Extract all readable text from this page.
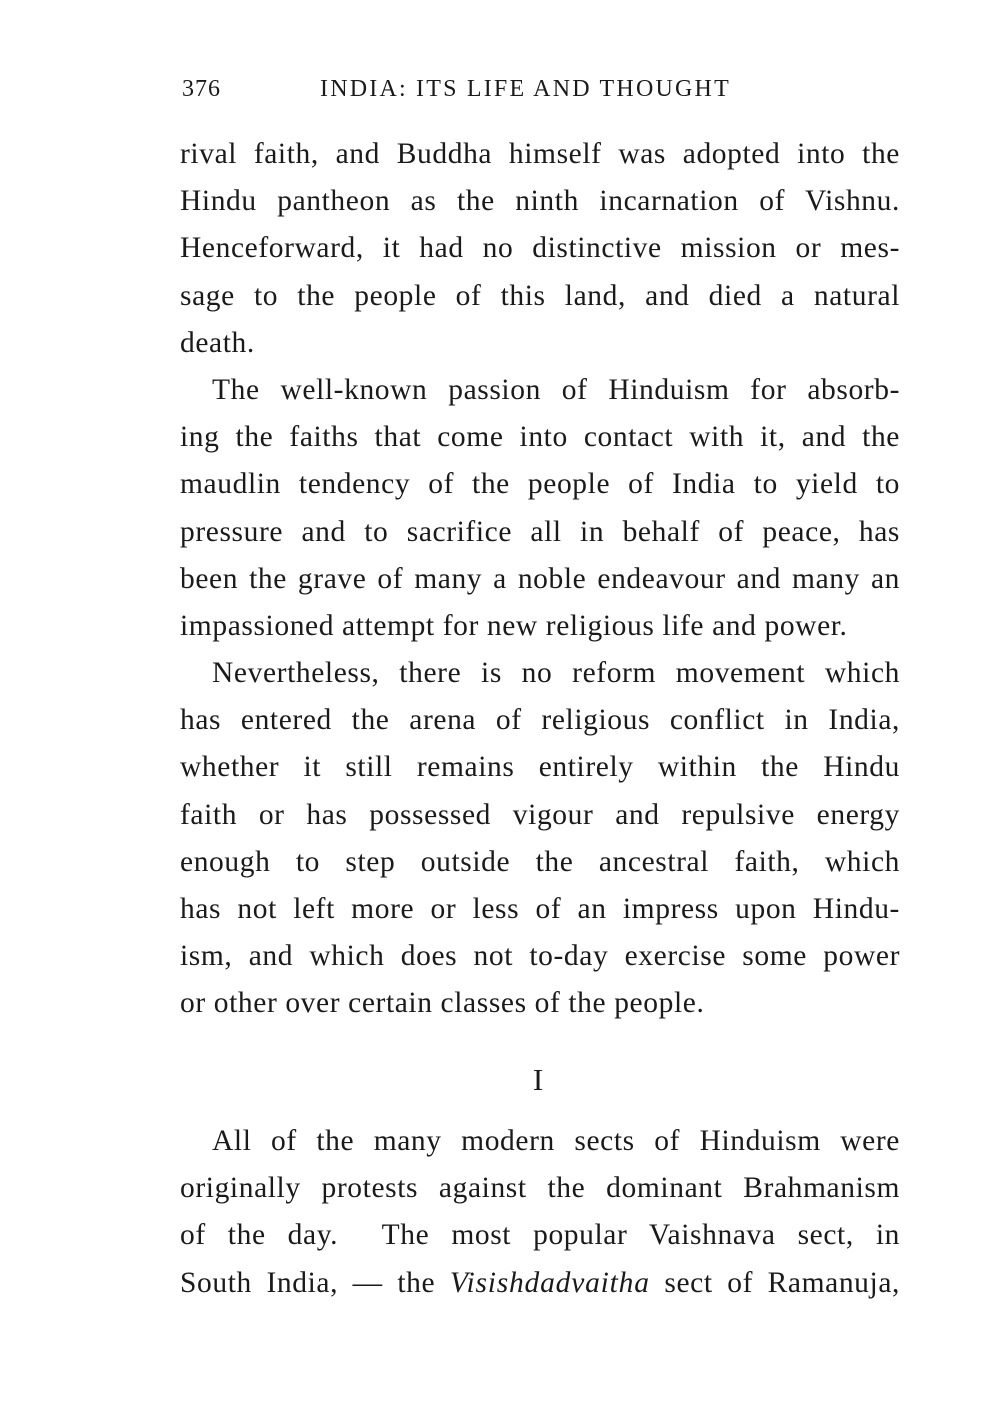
376	INDIA: ITS LIFE AND THOUGHT
rival faith, and Buddha himself was adopted into the
Hindu pantheon as the ninth incarnation of Vishnu.
Henceforward, it had no distinctive mission or mes-
sage to the people of this land, and died a natural
death.
The well-known passion of Hinduism for absorb-
ing the faiths that come into contact with it, and the
maudlin tendency of the people of India to yield to
pressure and to sacrifice all in behalf of peace, has
been the grave of many a noble endeavour and many an
impassioned attempt for new religious life and power.
Nevertheless, there is no reform movement which
has entered the arena of religious conflict in India,
whether it still remains entirely within the Hindu
faith or has possessed vigour and repulsive energy
enough to step outside the ancestral faith, which
has not left more or less of an impress upon Hindu-
ism, and which does not to-day exercise some power
or other over certain classes of the people.
I
All of the many modern sects of Hinduism were
originally protests against the dominant Brahmanism
of the day.  The most popular Vaishnava sect, in
South India, — the Visishdadvaitha sect of Ramanuja,
